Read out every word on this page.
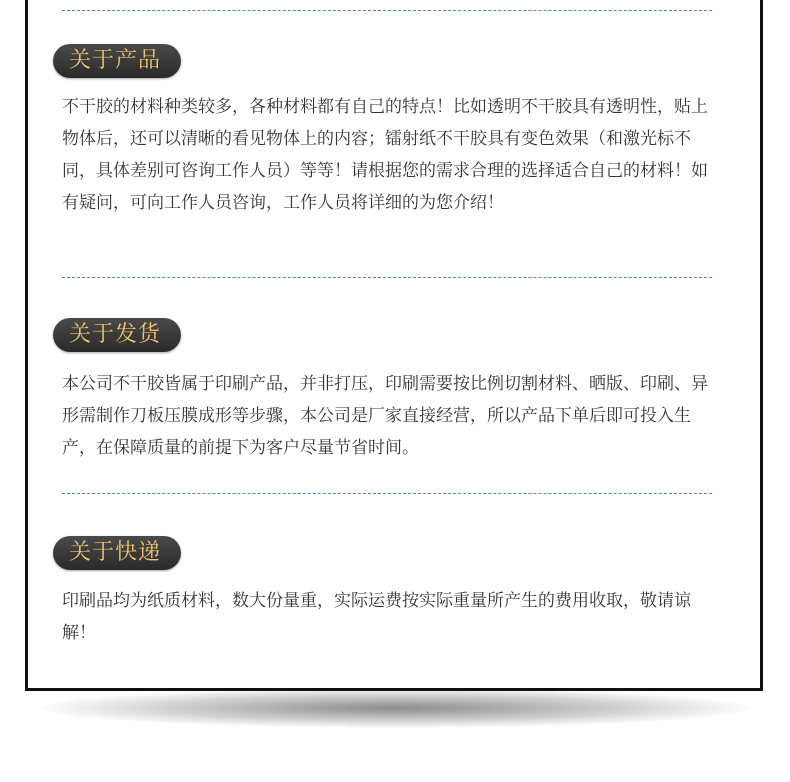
关于产品

不干胶的材料种类较多，各种材料都有自己的特点！比如透明不干胶具有透明性，贴上物体后，还可以清晰的看见物体上的内容；镭射纸不干胶具有变色效果（和激光标不同，具体差别可咨询工作人员）等等！请根据您的需求合理的选择适合自己的材料！如有疑问，可向工作人员咨询，工作人员将详细的为您介绍！

关于发货

本公司不干胶皆属于印刷产品，并非打压，印刷需要按比例切割材料、晒版、印刷、异形需制作刀板压膜成形等步骤，本公司是厂家直接经营，所以产品下单后即可投入生产，在保障质量的前提下为客户尽量节省时间。

关于快递

印刷品均为纸质材料，数大份量重，实际运费按实际重量所产生的费用收取，敬请谅解！
